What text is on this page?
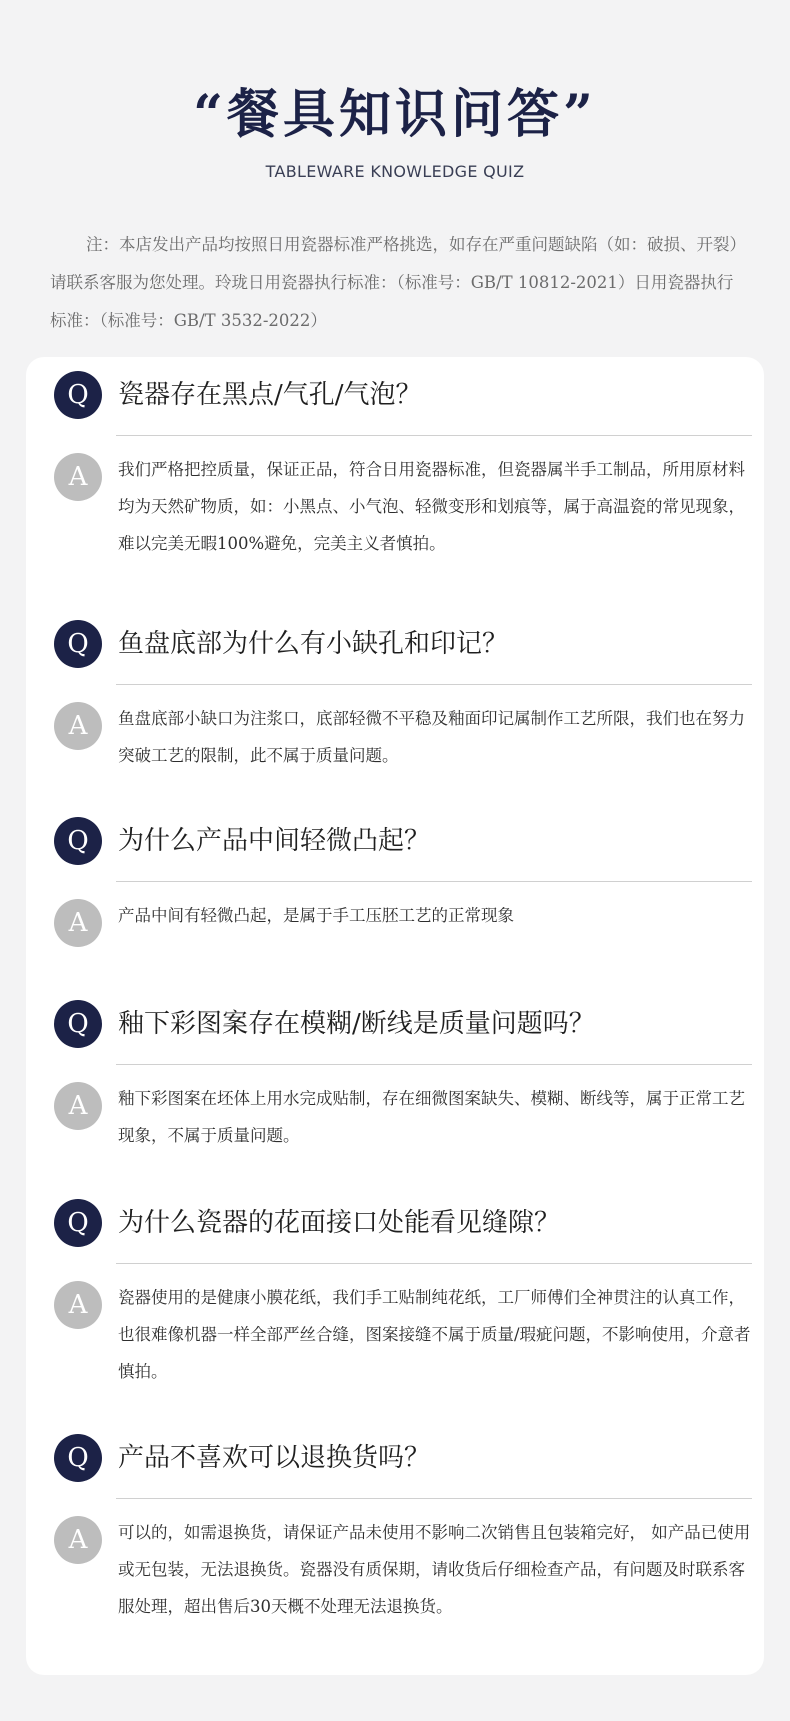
“餐具知识问答”
TABLEWARE KNOWLEDGE QUIZ

注：本店发出产品均按照日用瓷器标准严格挑选，如存在严重问题缺陷（如：破损、开裂）请联系客服为您处理。玲珑日用瓷器执行标准：（标准号：GB/T 10812-2021）日用瓷器执行标准：（标准号：GB/T 3532-2022）

Q	瓷器存在黑点/气孔/气泡？
A	我们严格把控质量，保证正品，符合日用瓷器标准，但瓷器属半手工制品，所用原材料均为天然矿物质，如：小黑点、小气泡、轻微变形和划痕等，属于高温瓷的常见现象，难以完美无暇100%避免，完美主义者慎拍。

Q	鱼盘底部为什么有小缺孔和印记？
A	鱼盘底部小缺口为注浆口，底部轻微不平稳及釉面印记属制作工艺所限，我们也在努力突破工艺的限制，此不属于质量问题。

Q	为什么产品中间轻微凸起？
A	产品中间有轻微凸起，是属于手工压胚工艺的正常现象

Q	釉下彩图案存在模糊/断线是质量问题吗？
A	釉下彩图案在坯体上用水完成贴制，存在细微图案缺失、模糊、断线等，属于正常工艺现象，不属于质量问题。

Q	为什么瓷器的花面接口处能看见缝隙？
A	瓷器使用的是健康小膜花纸，我们手工贴制纯花纸，工厂师傅们全神贯注的认真工作，也很难像机器一样全部严丝合缝，图案接缝不属于质量/瑕疵问题，不影响使用，介意者慎拍。

Q	产品不喜欢可以退换货吗？
A	可以的，如需退换货，请保证产品未使用不影响二次销售且包装箱完好， 如产品已使用或无包装，无法退换货。瓷器没有质保期，请收货后仔细检查产品，有问题及时联系客服处理，超出售后30天概不处理无法退换货。
